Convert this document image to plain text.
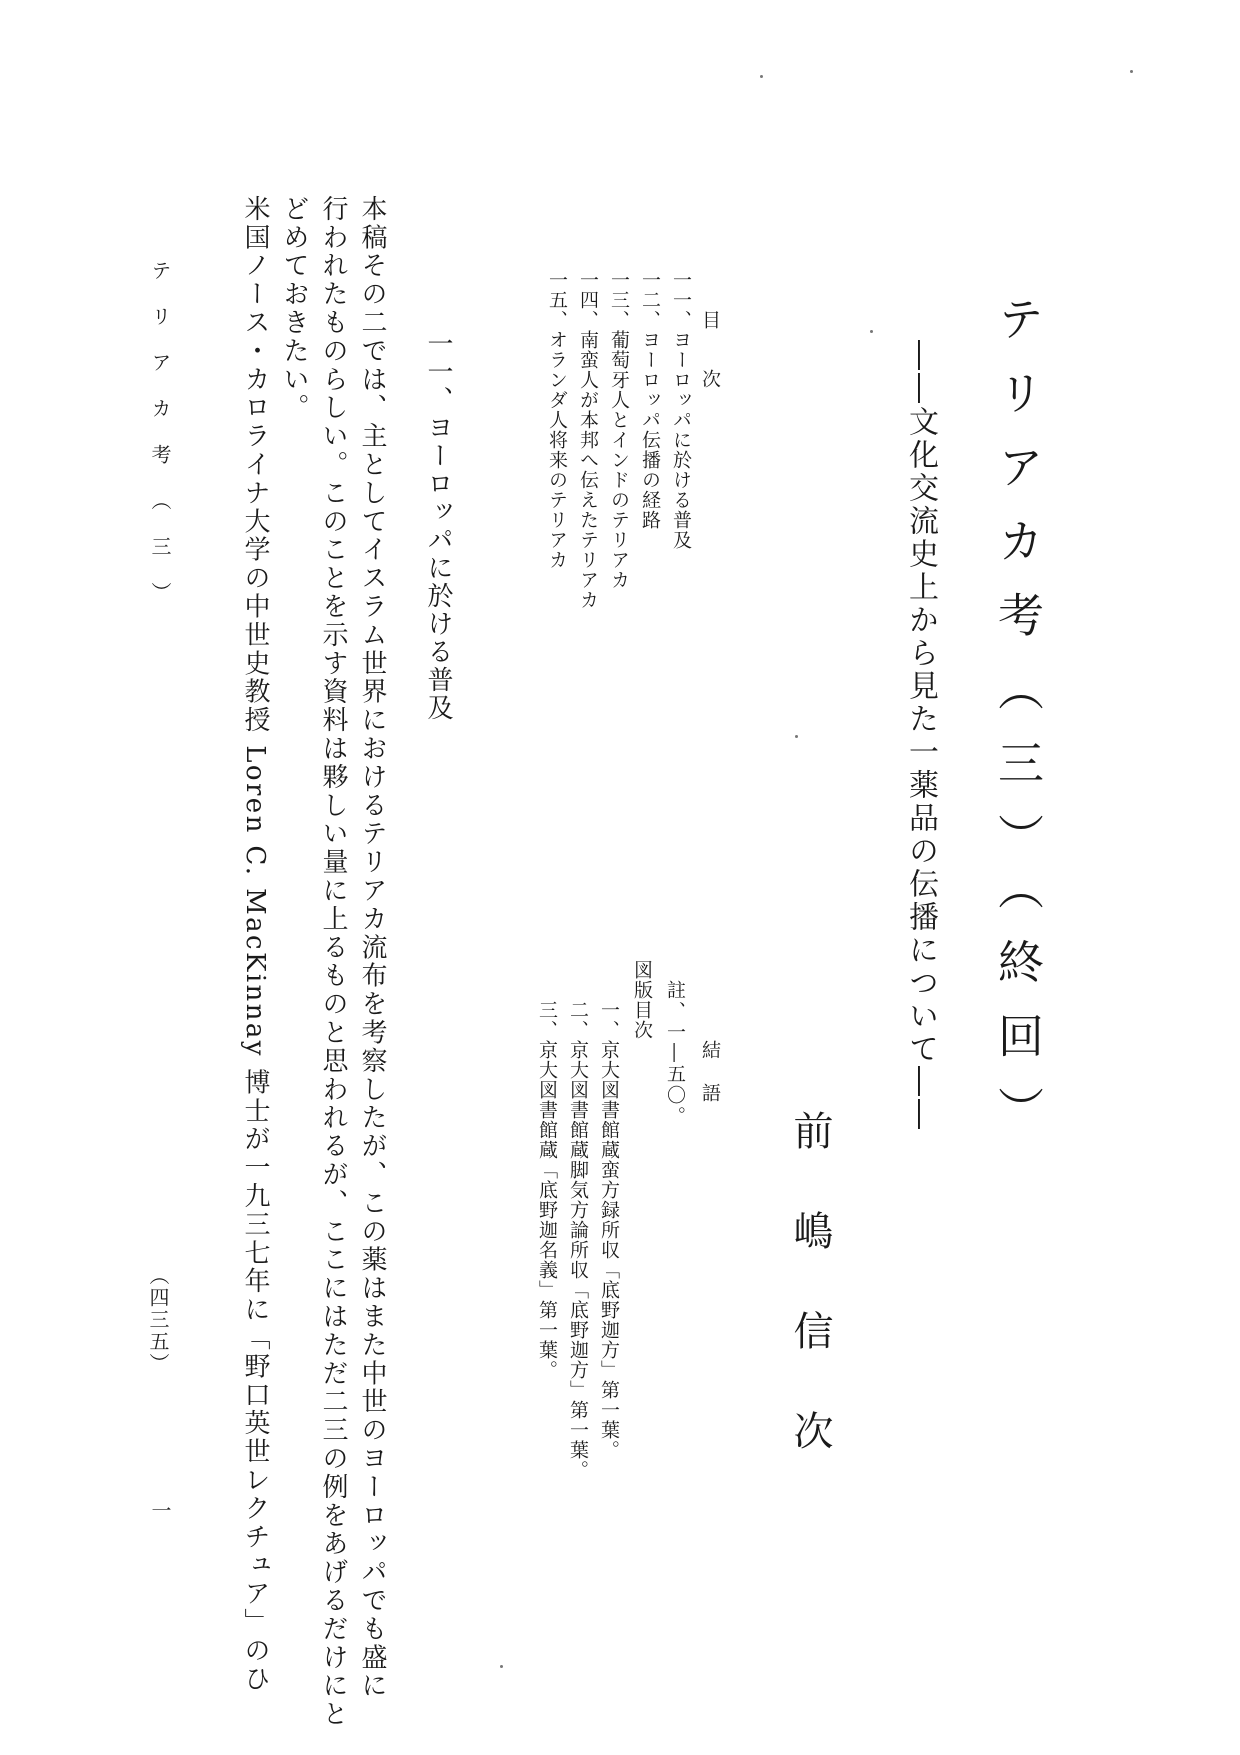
テリアカ考（三）（終回）
――文化交流史上から見た一薬品の伝播について――
前嶋信次
目次
一一、ヨーロッパに於ける普及
一二、ヨーロッパ伝播の経路
一三、葡萄牙人とインドのテリアカ
一四、南蛮人が本邦へ伝えたテリアカ
一五、オランダ人将来のテリアカ
結語
註、一―五〇。
図版目次
一、京大図書館蔵蛮方録所収「底野迦方」第一葉。
二、京大図書館蔵脚気方論所収「底野迦方」第一葉。
三、京大図書館蔵「底野迦名義」第一葉。
一一、ヨーロッパに於ける普及
本稿その二では、主としてイスラム世界におけるテリアカ流布を考察したが、この薬はまた中世のヨーロッパでも盛に
行われたものらしい。このことを示す資料は夥しい量に上るものと思われるが、ここにはただ二三の例をあげるだけにと
どめておきたい。
米国ノース・カロライナ大学の中世史教授 Loren C. MacKinnay 博士が一九三七年に「野口英世レクチュア」のひ
テリアカ考（三）
（四三五）
一
